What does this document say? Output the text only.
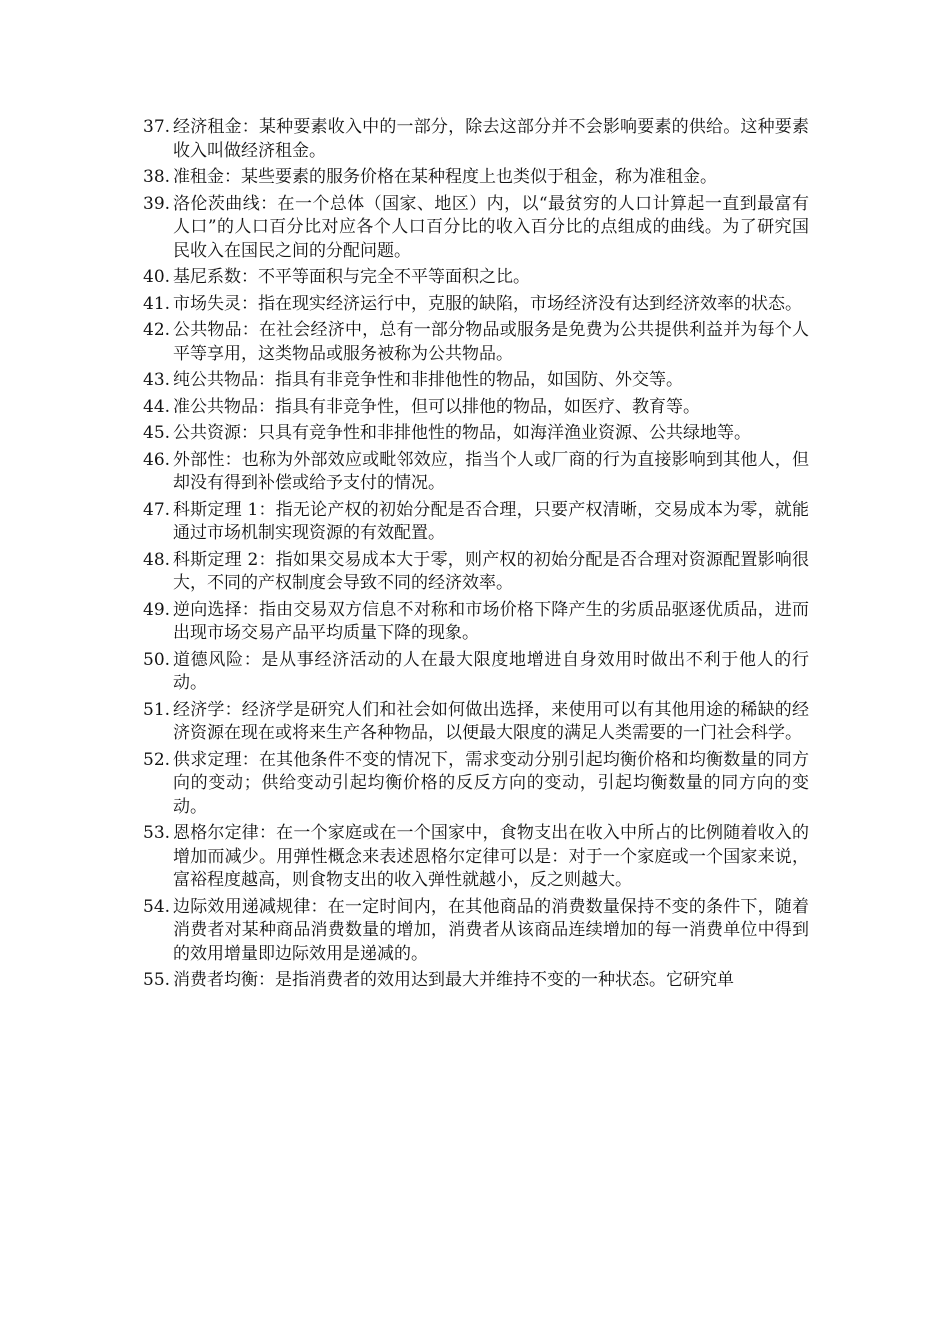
37. 经济租金：某种要素收入中的一部分，除去这部分并不会影响要素的供给。这种要素收入叫做经济租金。
38. 准租金：某些要素的服务价格在某种程度上也类似于租金，称为准租金。
39. 洛伦茨曲线：在一个总体（国家、地区）内，以“最贫穷的人口计算起一直到最富有人口”的人口百分比对应各个人口百分比的收入百分比的点组成的曲线。为了研究国民收入在国民之间的分配问题。
40. 基尼系数：不平等面积与完全不平等面积之比。
41. 市场失灵：指在现实经济运行中，克服的缺陷，市场经济没有达到经济效率的状态。
42. 公共物品：在社会经济中，总有一部分物品或服务是免费为公共提供利益并为每个人平等享用，这类物品或服务被称为公共物品。
43. 纯公共物品：指具有非竞争性和非排他性的物品，如国防、外交等。
44. 准公共物品：指具有非竞争性，但可以排他的物品，如医疗、教育等。
45. 公共资源：只具有竞争性和非排他性的物品，如海洋渔业资源、公共绿地等。
46. 外部性：也称为外部效应或毗邻效应，指当个人或厂商的行为直接影响到其他人，但却没有得到补偿或给予支付的情况。
47. 科斯定理 1：指无论产权的初始分配是否合理，只要产权清晰，交易成本为零，就能通过市场机制实现资源的有效配置。
48. 科斯定理 2：指如果交易成本大于零，则产权的初始分配是否合理对资源配置影响很大，不同的产权制度会导致不同的经济效率。
49. 逆向选择：指由交易双方信息不对称和市场价格下降产生的劣质品驱逐优质品，进而出现市场交易产品平均质量下降的现象。
50. 道德风险：是从事经济活动的人在最大限度地增进自身效用时做出不利于他人的行动。
51. 经济学：经济学是研究人们和社会如何做出选择，来使用可以有其他用途的稀缺的经济资源在现在或将来生产各种物品，以便最大限度的满足人类需要的一门社会科学。
52. 供求定理：在其他条件不变的情况下，需求变动分别引起均衡价格和均衡数量的同方向的变动；供给变动引起均衡价格的反反方向的变动，引起均衡数量的同方向的变动。
53. 恩格尔定律：在一个家庭或在一个国家中，食物支出在收入中所占的比例随着收入的增加而减少。用弹性概念来表述恩格尔定律可以是：对于一个家庭或一个国家来说，富裕程度越高，则食物支出的收入弹性就越小，反之则越大。
54. 边际效用递减规律：在一定时间内，在其他商品的消费数量保持不变的条件下，随着消费者对某种商品消费数量的增加，消费者从该商品连续增加的每一消费单位中得到的效用增量即边际效用是递减的。
55. 消费者均衡：是指消费者的效用达到最大并维持不变的一种状态。它研究单
